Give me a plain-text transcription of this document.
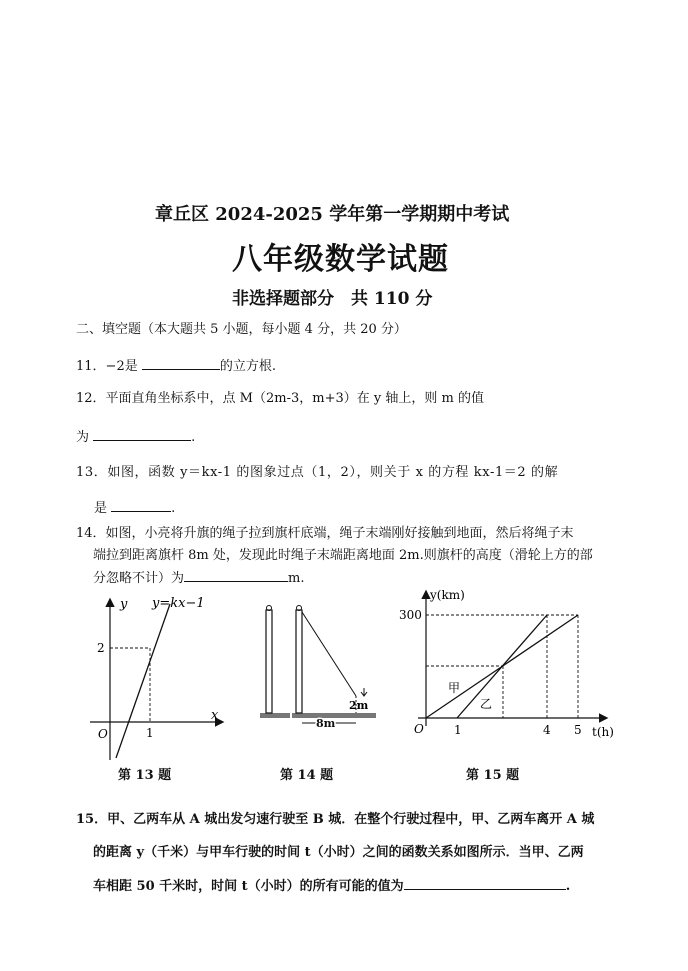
章丘区 2024-2025 学年第一学期期中考试
八年级数学试题
非选择题部分　共 110 分
二、填空题（本大题共 5 小题，每小题 4 分，共 20 分）
11．−2是	的立方根.
12．平面直角坐标系中，点 M（2m-3，m+3）在 y 轴上，则 m 的值
为	.
13．如图，函数 y＝kx-1 的图象过点（1，2），则关于 x 的方程 kx-1＝2 的解
是	.
14．如图，小亮将升旗的绳子拉到旗杆底端，绳子末端刚好接触到地面，然后将绳子末
端拉到距离旗杆 8m 处，发现此时绳子末端距离地面 2m.则旗杆的高度（滑轮上方的部
分忽略不计）为	m.
y
x
y=kx−1
2
1
O
第 13 题
2m
8m
第 14 题
y(km)
t(h)
300
O	1	4 5
甲
乙
第 15 题
15．甲、乙两车从 A 城出发匀速行驶至 B 城．在整个行驶过程中，甲、乙两车离开 A 城
的距离 y（千米）与甲车行驶的时间 t（小时）之间的函数关系如图所示．当甲、乙两
车相距 50 千米时，时间 t（小时）的所有可能的值为	.
